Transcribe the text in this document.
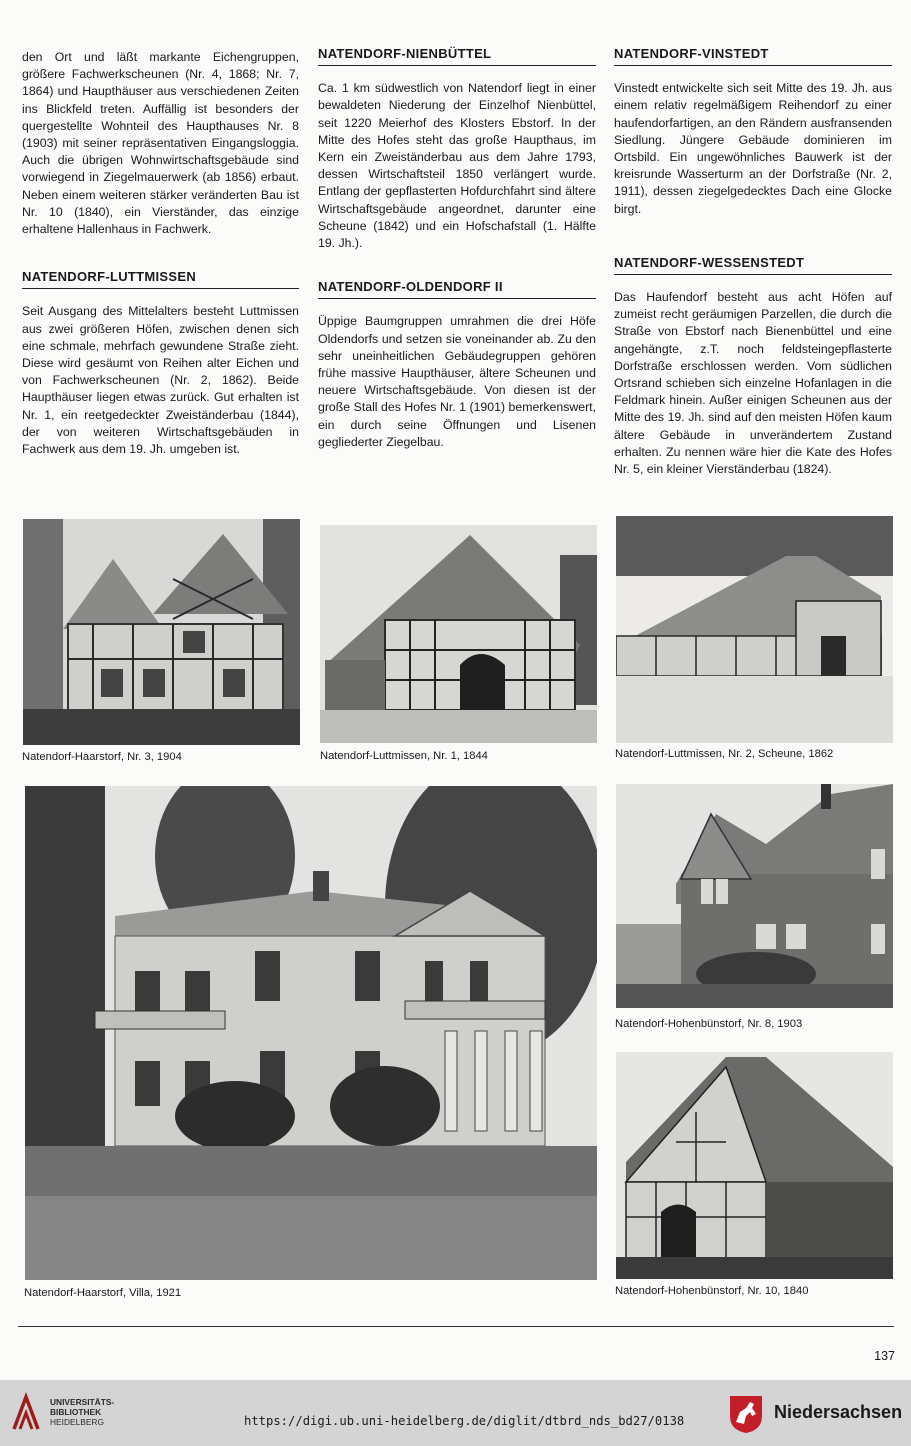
den Ort und läßt markante Eichengruppen, größere Fachwerkscheunen (Nr. 4, 1868; Nr. 7, 1864) und Haupthäuser aus verschiedenen Zeiten ins Blickfeld treten. Auffällig ist besonders der quergestellte Wohnteil des Haupthauses Nr. 8 (1903) mit seiner repräsentativen Eingangsloggia. Auch die übrigen Wohnwirtschaftsgebäude sind vorwiegend in Ziegelmauerwerk (ab 1856) erbaut. Neben einem weiteren stärker veränderten Bau ist Nr. 10 (1840), ein Vierständer, das einzige erhaltene Hallenhaus in Fachwerk.

NATENDORF-LUTTMISSEN

Seit Ausgang des Mittelalters besteht Luttmissen aus zwei größeren Höfen, zwischen denen sich eine schmale, mehrfach gewundene Straße zieht. Diese wird gesäumt von Reihen alter Eichen und von Fachwerkscheunen (Nr. 2, 1862). Beide Haupthäuser liegen etwas zurück. Gut erhalten ist Nr. 1, ein reetgedeckter Zweiständerbau (1844), der von weiteren Wirtschaftsgebäuden in Fachwerk aus dem 19. Jh. umgeben ist.

NATENDORF-NIENBÜTTEL

Ca. 1 km südwestlich von Natendorf liegt in einer bewaldeten Niederung der Einzelhof Nienbüttel, seit 1220 Meierhof des Klosters Ebstorf. In der Mitte des Hofes steht das große Haupthaus, im Kern ein Zweiständerbau aus dem Jahre 1793, dessen Wirtschaftsteil 1850 verlängert wurde. Entlang der gepflasterten Hofdurchfahrt sind ältere Wirtschaftsgebäude angeordnet, darunter eine Scheune (1842) und ein Hofschafstall (1. Hälfte 19. Jh.).

NATENDORF-OLDENDORF II

Üppige Baumgruppen umrahmen die drei Höfe Oldendorfs und setzen sie voneinander ab. Zu den sehr uneinheitlichen Gebäudegruppen gehören frühe massive Haupthäuser, ältere Scheunen und neuere Wirtschaftsgebäude. Von diesen ist der große Stall des Hofes Nr. 1 (1901) bemerkenswert, ein durch seine Öffnungen und Lisenen gegliederter Ziegelbau.

NATENDORF-VINSTEDT

Vinstedt entwickelte sich seit Mitte des 19. Jh. aus einem relativ regelmäßigem Reihendorf zu einer haufendorfartigen, an den Rändern ausfransenden Siedlung. Jüngere Gebäude dominieren im Ortsbild. Ein ungewöhnliches Bauwerk ist der kreisrunde Wasserturm an der Dorfstraße (Nr. 2, 1911), dessen ziegelgedecktes Dach eine Glocke birgt.

NATENDORF-WESSENSTEDT

Das Haufendorf besteht aus acht Höfen auf zumeist recht geräumigen Parzellen, die durch die Straße von Ebstorf nach Bienenbüttel und eine angehängte, z.T. noch feldsteingepflasterte Dorfstraße erschlossen werden. Vom südlichen Ortsrand schieben sich einzelne Hofanlagen in die Feldmark hinein. Außer einigen Scheunen aus der Mitte des 19. Jh. sind auf den meisten Höfen kaum ältere Gebäude in unverändertem Zustand erhalten. Zu nennen wäre hier die Kate des Hofes Nr. 5, ein kleiner Vierständerbau (1824).

Natendorf-Haarstorf, Nr. 3, 1904	Natendorf-Luttmissen, Nr. 1, 1844	Natendorf-Luttmissen, Nr. 2, Scheune, 1862
Natendorf-Haarstorf, Villa, 1921
Natendorf-Hohenbünstorf, Nr. 8, 1903
Natendorf-Hohenbünstorf, Nr. 10, 1840
137
UNIVERSITÄTS-
BIBLIOTHEK
HEIDELBERG	https://digi.ub.uni-heidelberg.de/diglit/dtbrd_nds_bd27/0138	Niedersachsen
